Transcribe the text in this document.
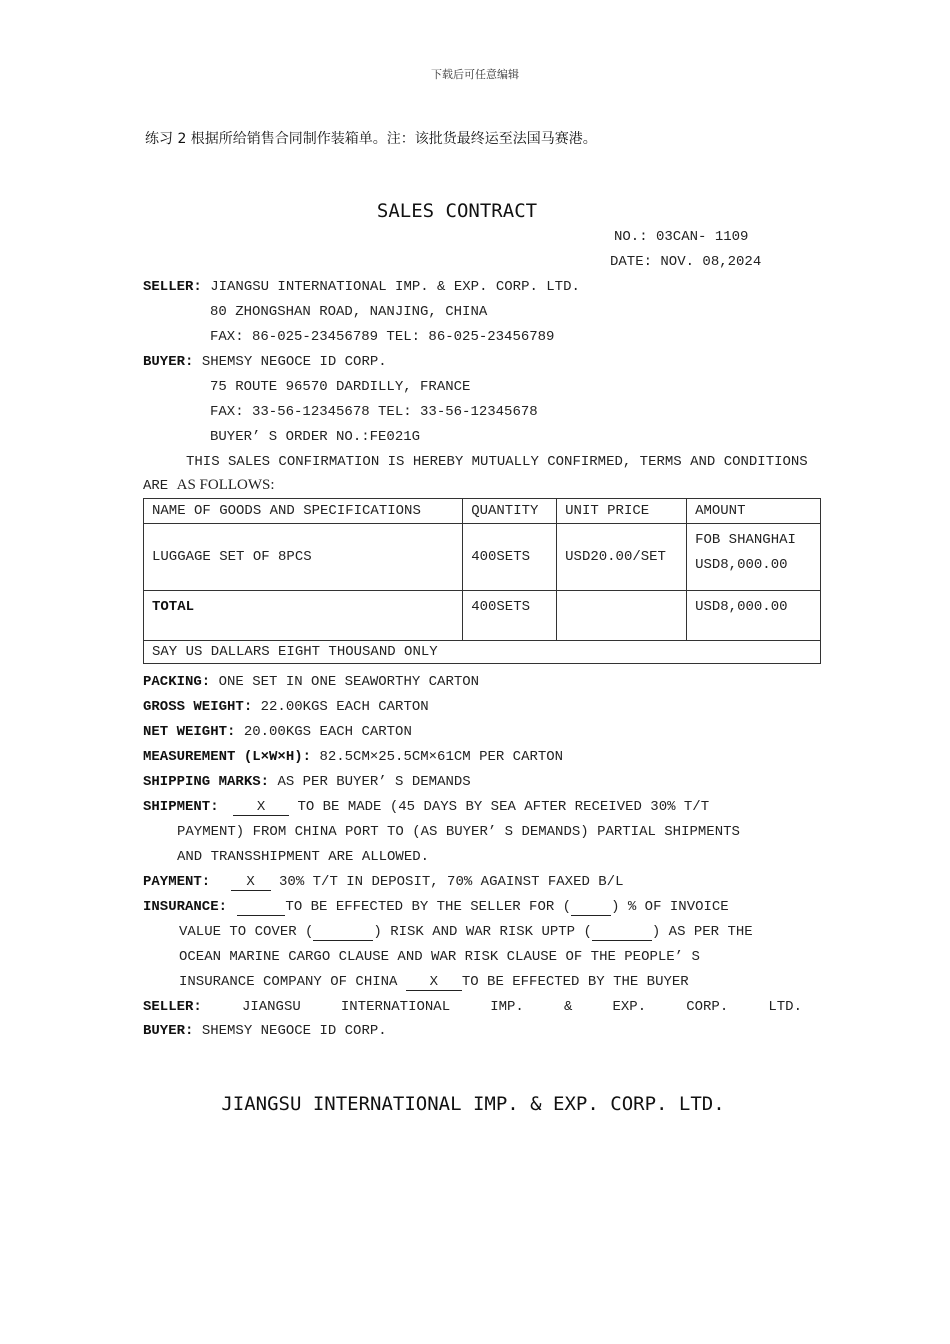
下载后可任意编辑
练习 2 根据所给销售合同制作装箱单。注：该批货最终运至法国马赛港。
SALES CONTRACT
NO.: 03CAN- 1109
DATE: NOV. 08,2024
SELLER: JIANGSU INTERNATIONAL IMP. & EXP. CORP. LTD.
80 ZHONGSHAN ROAD, NANJING, CHINA
FAX: 86-025-23456789 TEL: 86-025-23456789
BUYER: SHEMSY NEGOCE ID CORP.
75 ROUTE 96570 DARDILLY, FRANCE
FAX: 33-56-12345678 TEL: 33-56-12345678
BUYER’ S ORDER NO.:FE021G
THIS SALES CONFIRMATION IS HEREBY MUTUALLY CONFIRMED, TERMS AND CONDITIONS
ARE AS FOLLOWS:
NAME OF GOODS AND SPECIFICATIONS	QUANTITY	UNIT PRICE	AMOUNT
LUGGAGE SET OF 8PCS	400SETS	USD20.00/SET	FOB SHANGHAI
USD8,000.00

TOTAL	400SETS		USD8,000.00
SAY US DALLARS EIGHT THOUSAND ONLY			
PACKING: ONE SET IN ONE SEAWORTHY CARTON
GROSS WEIGHT: 22.00KGS EACH CARTON
NET WEIGHT: 20.00KGS EACH CARTON
MEASUREMENT (L×W×H): 82.5CM×25.5CM×61CM PER CARTON
SHIPPING MARKS: AS PER BUYER’ S DEMANDS
SHIPMENT:	X TO BE MADE (45 DAYS BY SEA AFTER RECEIVED 30% T/T
PAYMENT) FROM CHINA PORT TO (AS BUYER’ S DEMANDS) PARTIAL SHIPMENTS
AND TRANSSHIPMENT ARE ALLOWED.
PAYMENT:	X 30% T/T IN DEPOSIT, 70% AGAINST FAXED B/L
INSURANCE:	TO BE EFFECTED BY THE SELLER FOR (	) % OF INVOICE
VALUE TO COVER (	) RISK AND WAR RISK UPTP (	) AS PER THE
OCEAN MARINE CARGO CLAUSE AND WAR RISK CLAUSE OF THE PEOPLE’ S
INSURANCE COMPANY OF CHINA X TO BE EFFECTED BY THE BUYER
SELLER:	JIANGSU	INTERNATIONAL	IMP.	&	EXP.	CORP.	LTD.
BUYER: SHEMSY NEGOCE ID CORP.
JIANGSU INTERNATIONAL IMP. & EXP. CORP. LTD.
